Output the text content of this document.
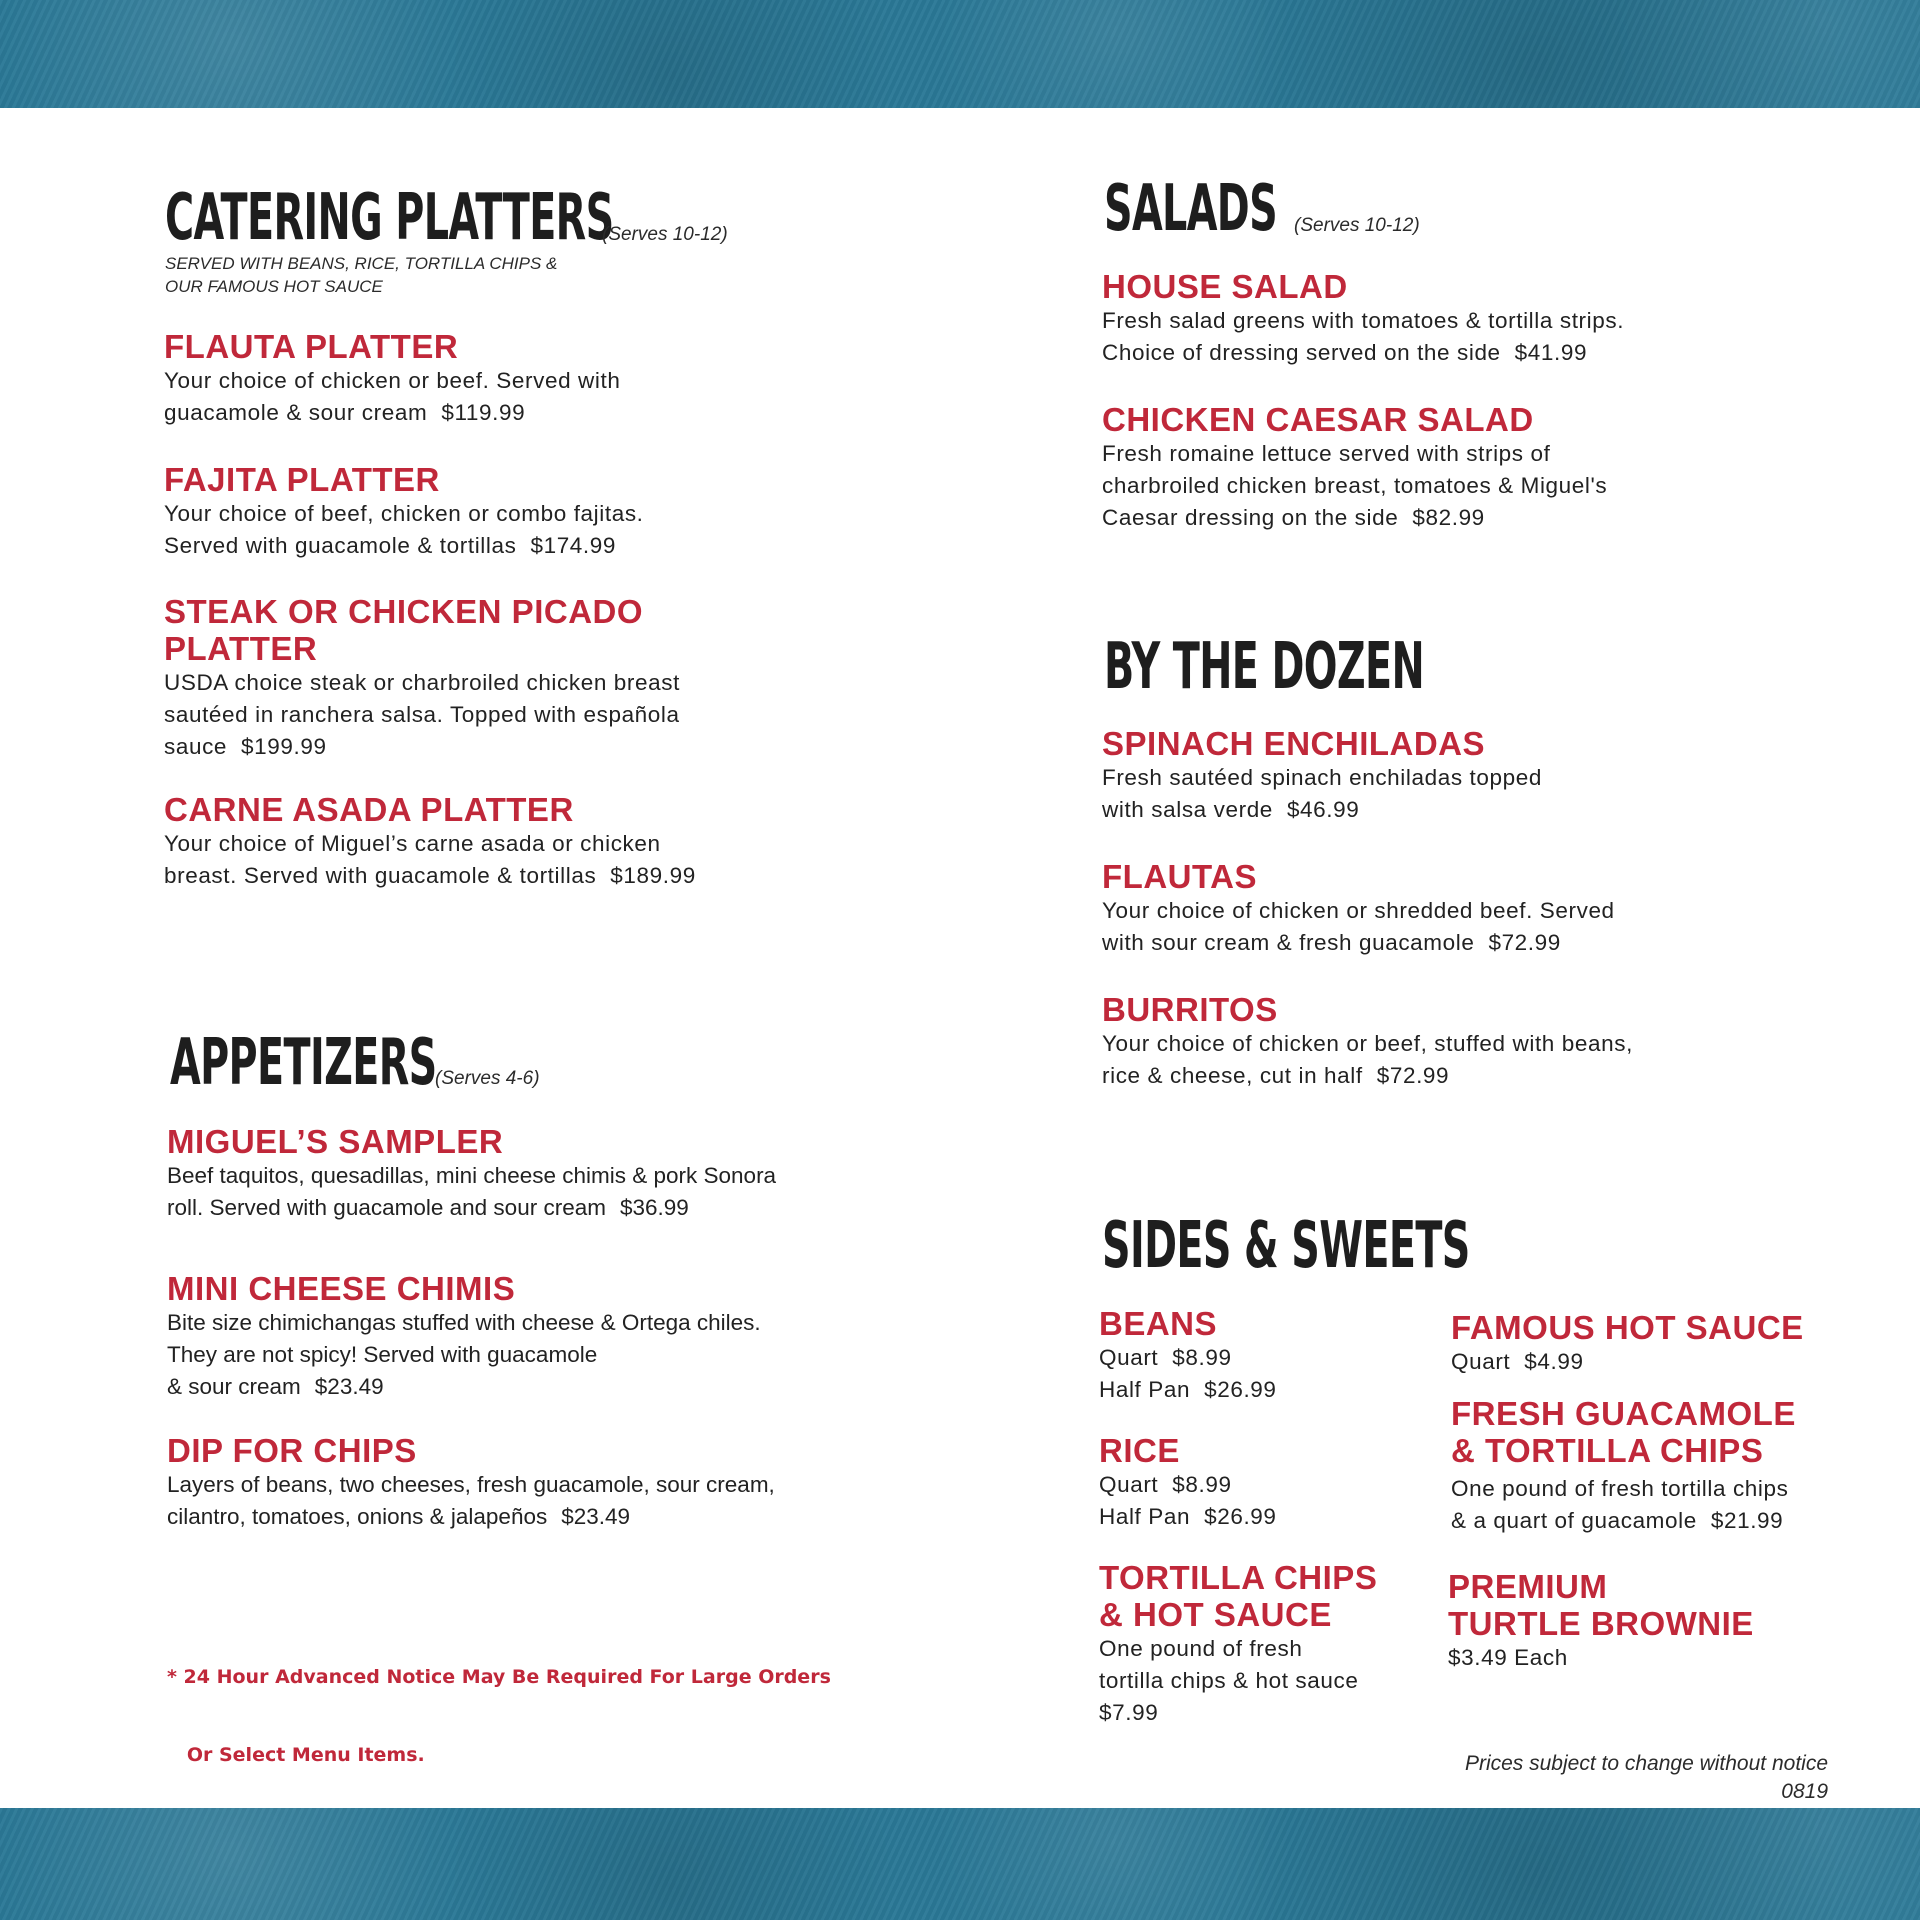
CATERING PLATTERS
(Serves 10-12)
SERVED WITH BEANS, RICE, TORTILLA CHIPS &
OUR FAMOUS HOT SAUCE
FLAUTA PLATTER
Your choice of chicken or beef. Served with
guacamole & sour cream $119.99
FAJITA PLATTER
Your choice of beef, chicken or combo fajitas.
Served with guacamole & tortillas $174.99
STEAK OR CHICKEN PICADO
PLATTER
USDA choice steak or charbroiled chicken breast
sautéed in ranchera salsa. Topped with española
sauce $199.99
CARNE ASADA PLATTER
Your choice of Miguel’s carne asada or chicken
breast. Served with guacamole & tortillas $189.99
APPETIZERS
(Serves 4-6)
MIGUEL’S SAMPLER
Beef taquitos, quesadillas, mini cheese chimis & pork Sonora
roll. Served with guacamole and sour cream $36.99
MINI CHEESE CHIMIS
Bite size chimichangas stuffed with cheese & Ortega chiles.
They are not spicy! Served with guacamole
& sour cream $23.49
DIP FOR CHIPS
Layers of beans, two cheeses, fresh guacamole, sour cream,
cilantro, tomatoes, onions & jalapeños $23.49

* 24 Hour Advanced Notice May Be Required For Large Orders

Or Select Menu Items.

SALADS (Serves 10-12)
HOUSE SALAD
Fresh salad greens with tomatoes & tortilla strips.
Choice of dressing served on the side $41.99
CHICKEN CAESAR SALAD
Fresh romaine lettuce served with strips of
charbroiled chicken breast, tomatoes & Miguel's
Caesar dressing on the side $82.99
BY THE DOZEN
SPINACH ENCHILADAS
Fresh sautéed spinach enchiladas topped
with salsa verde $46.99
FLAUTAS
Your choice of chicken or shredded beef. Served
with sour cream & fresh guacamole $72.99
BURRITOS
Your choice of chicken or beef, stuffed with beans,
rice & cheese, cut in half $72.99
SIDES & SWEETS
BEANS
Quart $8.99
Half Pan $26.99
RICE
Quart $8.99
Half Pan $26.99
TORTILLA CHIPS
& HOT SAUCE
One pound of fresh
tortilla chips & hot sauce
$7.99
FAMOUS HOT SAUCE
Quart $4.99
FRESH GUACAMOLE
& TORTILLA CHIPS
One pound of fresh tortilla chips
& a quart of guacamole $21.99
PREMIUM
TURTLE BROWNIE
$3.49 Each
Prices subject to change without notice
0819
